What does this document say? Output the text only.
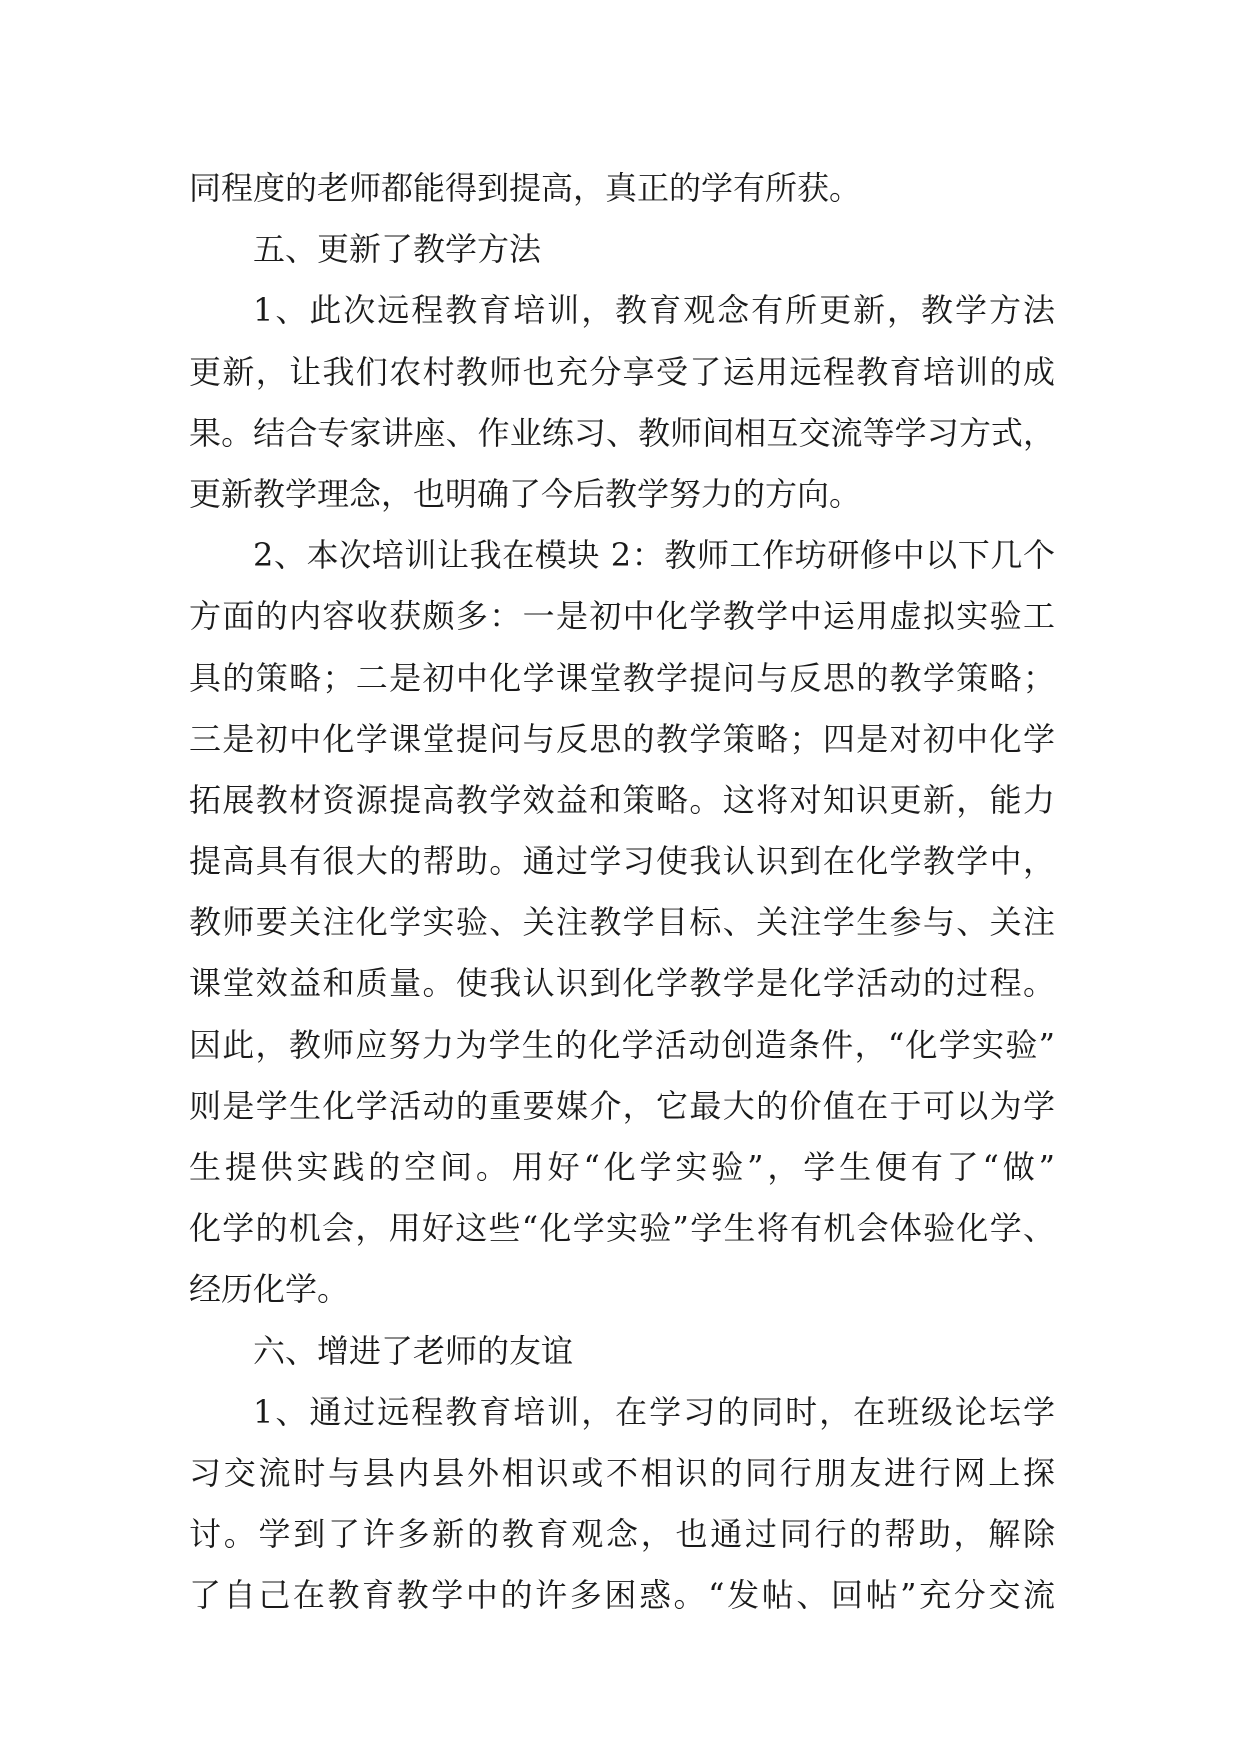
同程度的老师都能得到提高，真正的学有所获。
五、更新了教学方法
1、此次远程教育培训，教育观念有所更新，教学方法
更新，让我们农村教师也充分享受了运用远程教育培训的成
果。结合专家讲座、作业练习、教师间相互交流等学习方式，
更新教学理念，也明确了今后教学努力的方向。
2、本次培训让我在模块 2：教师工作坊研修中以下几个
方面的内容收获颇多：一是初中化学教学中运用虚拟实验工
具的策略；二是初中化学课堂教学提问与反思的教学策略；
三是初中化学课堂提问与反思的教学策略；四是对初中化学
拓展教材资源提高教学效益和策略。这将对知识更新，能力
提高具有很大的帮助。通过学习使我认识到在化学教学中，
教师要关注化学实验、关注教学目标、关注学生参与、关注
课堂效益和质量。使我认识到化学教学是化学活动的过程。
因此，教师应努力为学生的化学活动创造条件，“化学实验”
则是学生化学活动的重要媒介，它最大的价值在于可以为学
生提供实践的空间。用好“化学实验”，学生便有了“做”
化学的机会，用好这些“化学实验”学生将有机会体验化学、
经历化学。
六、增进了老师的友谊
1、通过远程教育培训，在学习的同时，在班级论坛学
习交流时与县内县外相识或不相识的同行朋友进行网上探
讨。学到了许多新的教育观念，也通过同行的帮助，解除
了自己在教育教学中的许多困惑。“发帖、回帖”充分交流
